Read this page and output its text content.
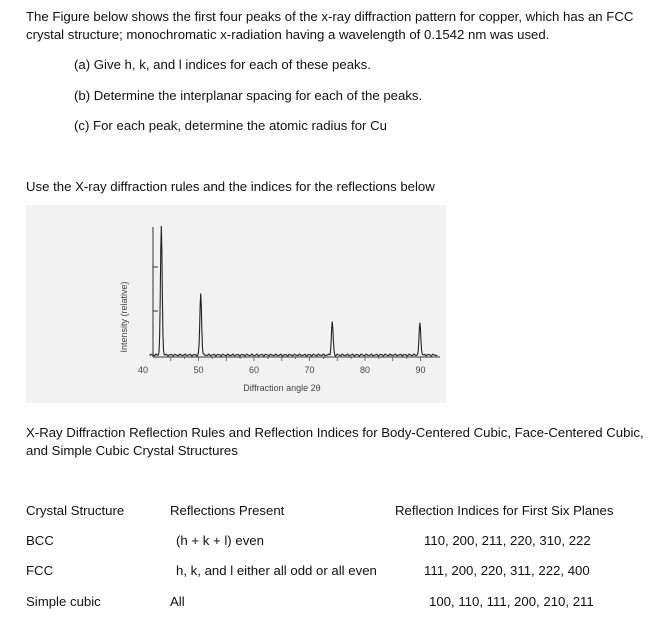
The Figure below shows the first four peaks of the x-ray diffraction pattern for copper, which has an FCC crystal structure; monochromatic x-radiation having a wavelength of 0.1542 nm was used.
(a) Give h, k, and l indices for each of these peaks.
(b) Determine the interplanar spacing for each of the peaks.
(c) For each peak, determine the atomic radius for Cu
Use the X-ray diffraction rules and the indices for the reflections below
40	50	60	70	80	90
Intensity (relative)
Diffraction angle 2θ
X-Ray Diffraction Reflection Rules and Reflection Indices for Body-Centered Cubic, Face-Centered Cubic, and Simple Cubic Crystal Structures
Crystal Structure	Reflections Present	Reflection Indices for First Six Planes
BCC	(h + k + l) even	110, 200, 211, 220, 310, 222
FCC	h, k, and l either all odd or all even	111, 200, 220, 311, 222, 400
Simple cubic	All	100, 110, 111, 200, 210, 211
